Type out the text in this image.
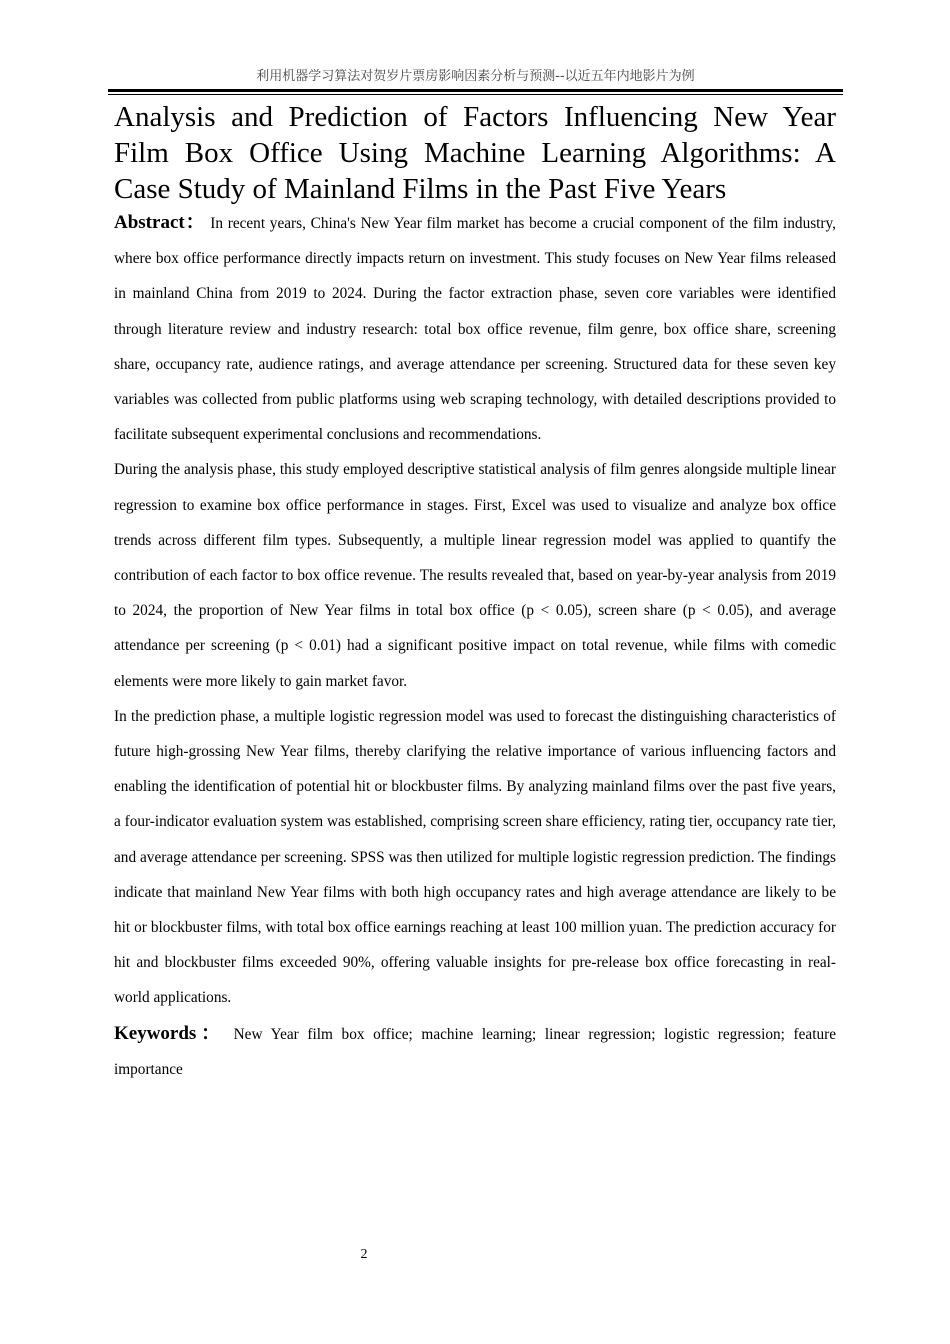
利用机器学习算法对贺岁片票房影响因素分析与预测--以近五年内地影片为例
Analysis and Prediction of Factors Influencing New Year Film Box Office Using Machine Learning Algorithms: A Case Study of Mainland Films in the Past Five Years

Abstract： In recent years, China's New Year film market has become a crucial component of the film industry, where box office performance directly impacts return on investment. This study focuses on New Year films released in mainland China from 2019 to 2024. During the factor extraction phase, seven core variables were identified through literature review and industry research: total box office revenue, film genre, box office share, screening share, occupancy rate, audience ratings, and average attendance per screening. Structured data for these seven key variables was collected from public platforms using web scraping technology, with detailed descriptions provided to facilitate subsequent experimental conclusions and recommendations.

During the analysis phase, this study employed descriptive statistical analysis of film genres alongside multiple linear regression to examine box office performance in stages. First, Excel was used to visualize and analyze box office trends across different film types. Subsequently, a multiple linear regression model was applied to quantify the contribution of each factor to box office revenue. The results revealed that, based on year-by-year analysis from 2019 to 2024, the proportion of New Year films in total box office (p < 0.05), screen share (p < 0.05), and average attendance per screening (p < 0.01) had a significant positive impact on total revenue, while films with comedic elements were more likely to gain market favor.

In the prediction phase, a multiple logistic regression model was used to forecast the distinguishing characteristics of future high-grossing New Year films, thereby clarifying the relative importance of various influencing factors and enabling the identification of potential hit or blockbuster films. By analyzing mainland films over the past five years, a four-indicator evaluation system was established, comprising screen share efficiency, rating tier, occupancy rate tier, and average attendance per screening. SPSS was then utilized for multiple logistic regression prediction. The findings indicate that mainland New Year films with both high occupancy rates and high average attendance are likely to be hit or blockbuster films, with total box office earnings reaching at least 100 million yuan. The prediction accuracy for hit and blockbuster films exceeded 90%, offering valuable insights for pre-release box office forecasting in real-world applications.

Keywords： New Year film box office; machine learning; linear regression; logistic regression; feature importance

2
